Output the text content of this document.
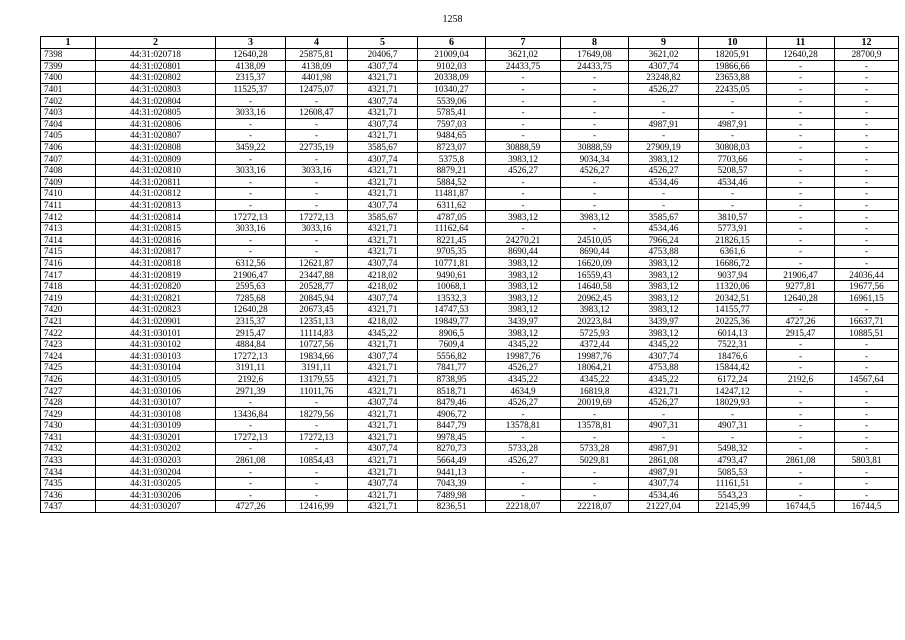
1258
1	2	3	4	5	6	7	8	9	10	11	12
7398	44:31:020718	12640,28	25875,81	20406,7	21009,04	3621,02	17649,08	3621,02	18205,91	12640,28	28700,9
7399	44:31:020801	4138,09	4138,09	4307,74	9102,03	24433,75	24433,75	4307,74	19866,66	-	-
7400	44:31:020802	2315,37	4401,98	4321,71	20338,09	-	-	23248,82	23653,88	-	-
7401	44:31:020803	11525,37	12475,07	4321,71	10340,27	-	-	4526,27	22435,05	-	-
7402	44:31:020804	-	-	4307,74	5539,06	-	-	-	-	-	-
7403	44:31:020805	3033,16	12608,47	4321,71	5785,41	-	-	-	-	-	-
7404	44:31:020806	-	-	4307,74	7597,03	-	-	4987,91	4987,91	-	-
7405	44:31:020807	-	-	4321,71	9484,65	-	-	-	-	-	-
7406	44:31:020808	3459,22	22735,19	3585,67	8723,07	30888,59	30888,59	27909,19	30808,03	-	-
7407	44:31:020809	-	-	4307,74	5375,8	3983,12	9034,34	3983,12	7703,66	-	-
7408	44:31:020810	3033,16	3033,16	4321,71	8879,21	4526,27	4526,27	4526,27	5208,57	-	-
7409	44:31:020811	-	-	4321,71	5884,52	-	-	4534,46	4534,46	-	-
7410	44:31:020812	-	-	4321,71	11481,87	-	-	-	-	-	-
7411	44:31:020813	-	-	4307,74	6311,62	-	-	-	-	-	-
7412	44:31:020814	17272,13	17272,13	3585,67	4787,05	3983,12	3983,12	3585,67	3810,57	-	-
7413	44:31:020815	3033,16	3033,16	4321,71	11162,64	-	-	4534,46	5773,91	-	-
7414	44:31:020816	-	-	4321,71	8221,45	24270,21	24510,05	7966,24	21826,15	-	-
7415	44:31:020817	-	-	4321,71	9705,35	8690,44	8690,44	4753,88	6361,6	-	-
7416	44:31:020818	6312,56	12621,87	4307,74	10771,81	3983,12	16620,09	3983,12	16686,72	-	-
7417	44:31:020819	21906,47	23447,88	4218,02	9490,61	3983,12	16559,43	3983,12	9037,94	21906,47	24036,44
7418	44:31:020820	2595,63	20528,77	4218,02	10068,1	3983,12	14640,58	3983,12	11320,06	9277,81	19677,56
7419	44:31:020821	7285,68	20845,94	4307,74	13532,3	3983,12	20962,45	3983,12	20342,51	12640,28	16961,15
7420	44:31:020823	12640,28	20673,45	4321,71	14747,53	3983,12	3983,12	3983,12	14155,77	-	-
7421	44:31:020901	2315,37	12351,13	4218,02	19849,77	3439,97	20223,84	3439,97	20225,36	4727,26	16637,71
7422	44:31:030101	2915,47	11114,83	4345,22	8906,5	3983,12	5725,93	3983,12	6014,13	2915,47	10885,51
7423	44:31:030102	4884,84	10727,56	4321,71	7609,4	4345,22	4372,44	4345,22	7522,31	-	-
7424	44:31:030103	17272,13	19834,66	4307,74	5556,82	19987,76	19987,76	4307,74	18476,6	-	-
7425	44:31:030104	3191,11	3191,11	4321,71	7841,77	4526,27	18064,21	4753,88	15844,42	-	-
7426	44:31:030105	2192,6	13179,55	4321,71	8738,95	4345,22	4345,22	4345,22	6172,24	2192,6	14567,64
7427	44:31:030106	2971,39	11011,76	4321,71	8518,71	4634,9	16819,8	4321,71	14247,12	-	-
7428	44:31:030107	-	-	4307,74	8479,46	4526,27	20019,69	4526,27	18029,93	-	-
7429	44:31:030108	13436,84	18279,56	4321,71	4906,72	-	-	-	-	-	-
7430	44:31:030109	-	-	4321,71	8447,79	13578,81	13578,81	4907,31	4907,31	-	-
7431	44:31:030201	17272,13	17272,13	4321,71	9978,45	-	-	-	-	-	-
7432	44:31:030202	-	-	4307,74	8270,73	5733,28	5733,28	4987,91	5498,32	-	-
7433	44:31:030203	2861,08	10854,43	4321,71	5664,49	4526,27	5029,81	2861,08	4793,47	2861,08	5803,81
7434	44:31:030204	-	-	4321,71	9441,13	-	-	4987,91	5085,53	-	-
7435	44:31:030205	-	-	4307,74	7043,39	-	-	4307,74	11161,51	-	-
7436	44:31:030206	-	-	4321,71	7489,98	-	-	4534,46	5543,23	-	-
7437	44:31:030207	4727,26	12416,99	4321,71	8236,51	22218,07	22218,07	21227,04	22145,99	16744,5	16744,5
